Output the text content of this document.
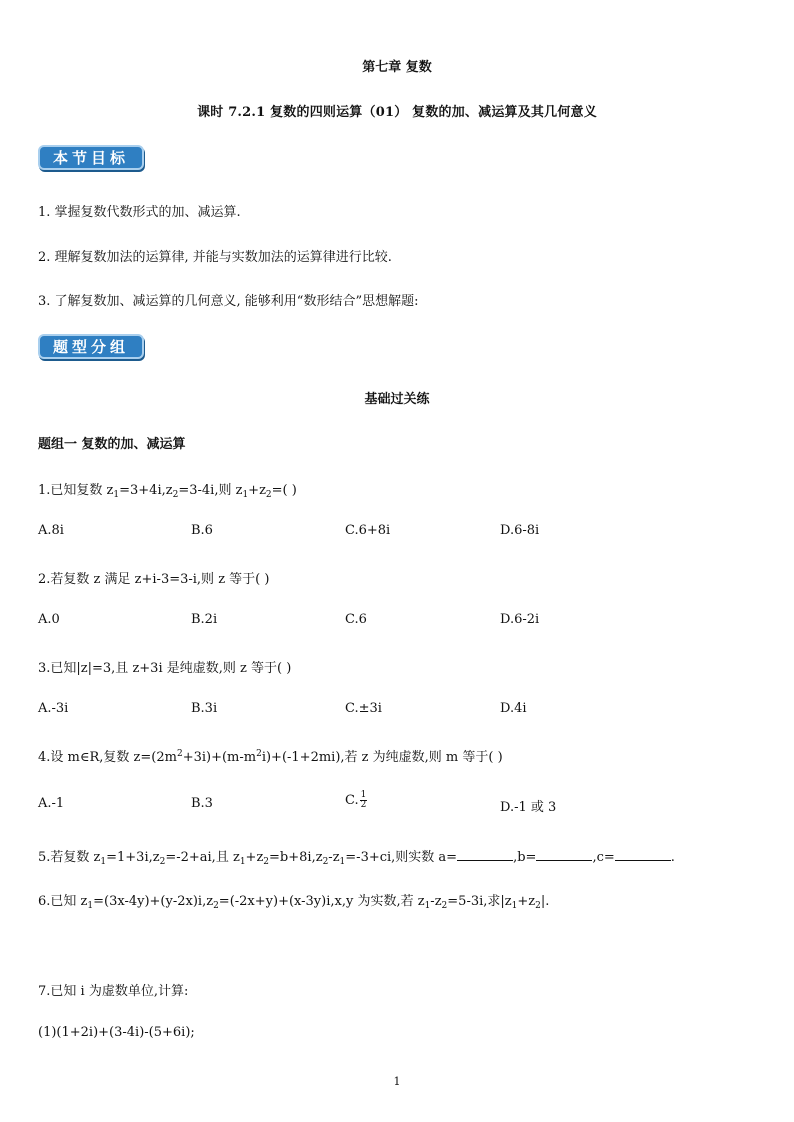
第七章 复数
课时 7.2.1 复数的四则运算（01） 复数的加、减运算及其几何意义
本节目标
1. 掌握复数代数形式的加、减运算.
2. 理解复数加法的运算律, 并能与实数加法的运算律进行比较.
3. 了解复数加、减运算的几何意义, 能够利用“数形结合”思想解题:
题型分组
基础过关练
题组一 复数的加、减运算
1.已知复数 $z_1=3+4i,z_2=3-4i$,则 $z_1+z_2=$( )
A.8i	B.6	C.6+8i	D.6-8i
2.若复数 z 满足 z+i-3=3-i,则 z 等于( )
A.0	B.2i	C.6	D.6-2i
3.已知|z|=3,且 z+3i 是纯虚数,则 z 等于( )
A.-3i	B.3i	C.±3i	D.4i
4.设 m∈R,复数 $z=(2m^2+3i)+(m-m^2i)+(-1+2mi)$,若 z 为纯虚数,则 m 等于( )
A.-1	B.3	C. $\frac{1}{2}$	D.-1 或 3
5.若复数 $z_1=1+3i,z_2=-2+ai$,且 $z_1+z_2=b+8i,z_2-z_1=-3+ci$,则实数 a=	,b=	,c=	.
6.已知 $z_1=(3x-4y)+(y-2x)i,z_2=(-2x+y)+(x-3y)i,x,y$ 为实数,若 $z_1-z_2=5-3i$,求$|z_1+z_2|$.
7.已知 i 为虚数单位,计算:
(1)(1+2i)+(3-4i)-(5+6i);
1
